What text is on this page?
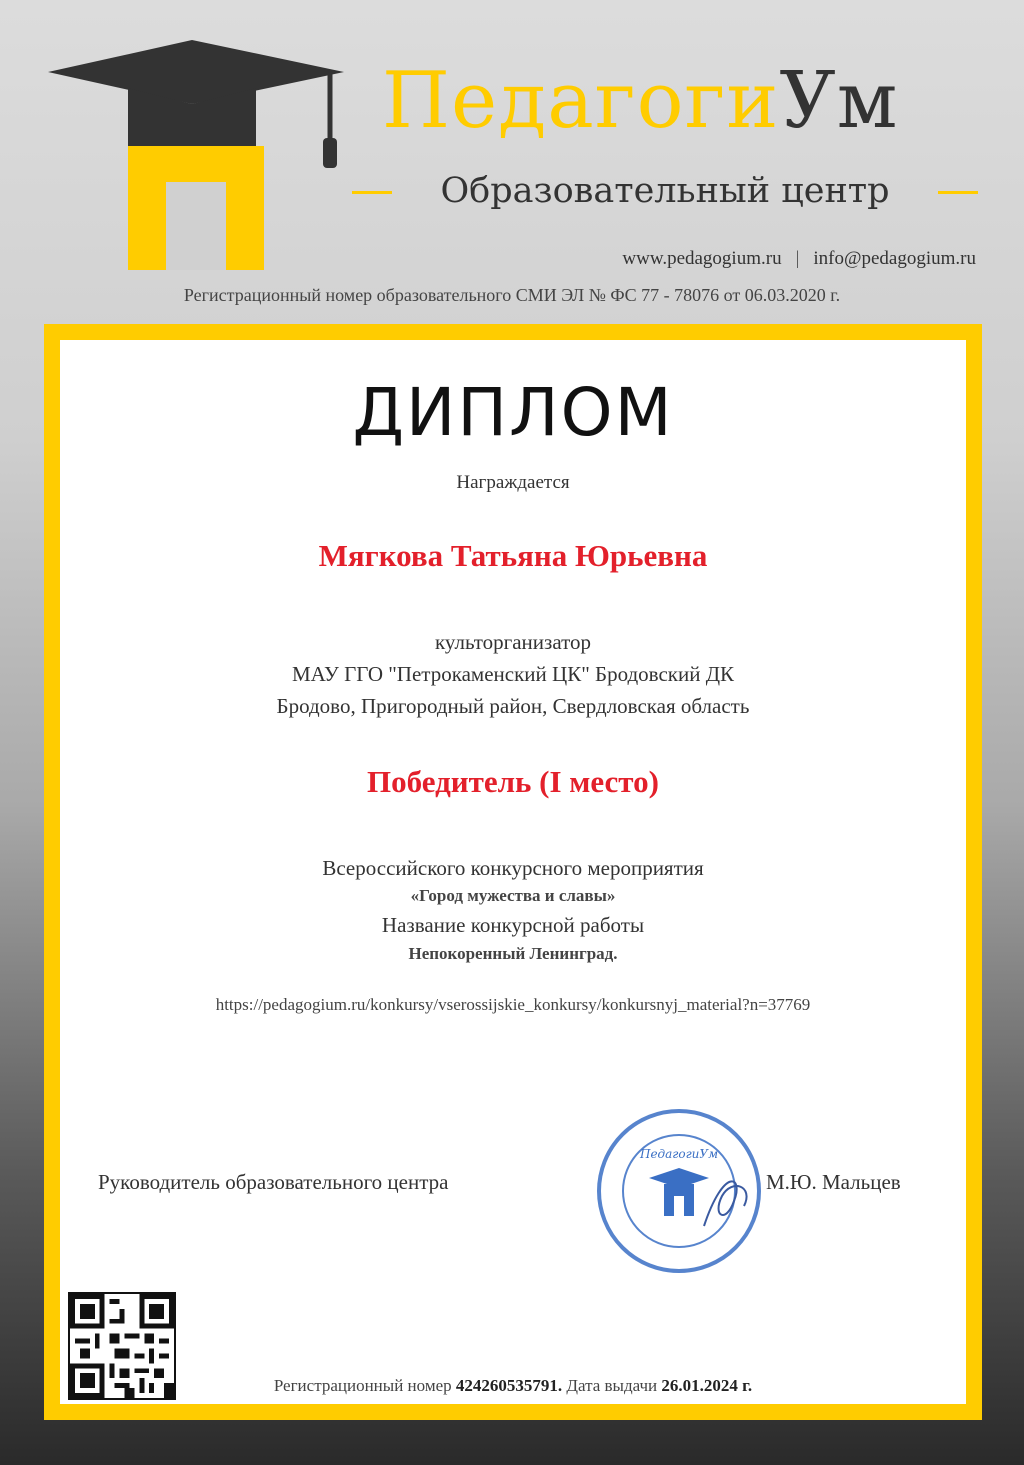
ПедагогиУм
Образовательный центр
www.pedagogium.ru | info@pedagogium.ru
Регистрационный номер образовательного СМИ ЭЛ № ФС 77 - 78076 от 06.03.2020 г.
ДИПЛОМ
Награждается
Мягкова Татьяна Юрьевна
культорганизатор
МАУ ГГО "Петрокаменский ЦК" Бродовский ДК
Бродово, Пригородный район, Свердловская область
Победитель (I место)
Всероссийского конкурсного мероприятия
«Город мужества и славы»
Название конкурсной работы
Непокоренный Ленинград.
https://pedagogium.ru/konkursy/vserossijskie_konkursy/konkursnyj_material?n=37769
Руководитель образовательного центра
ПедагогиУм
М.Ю. Мальцев
Регистрационный номер 424260535791. Дата выдачи 26.01.2024 г.
